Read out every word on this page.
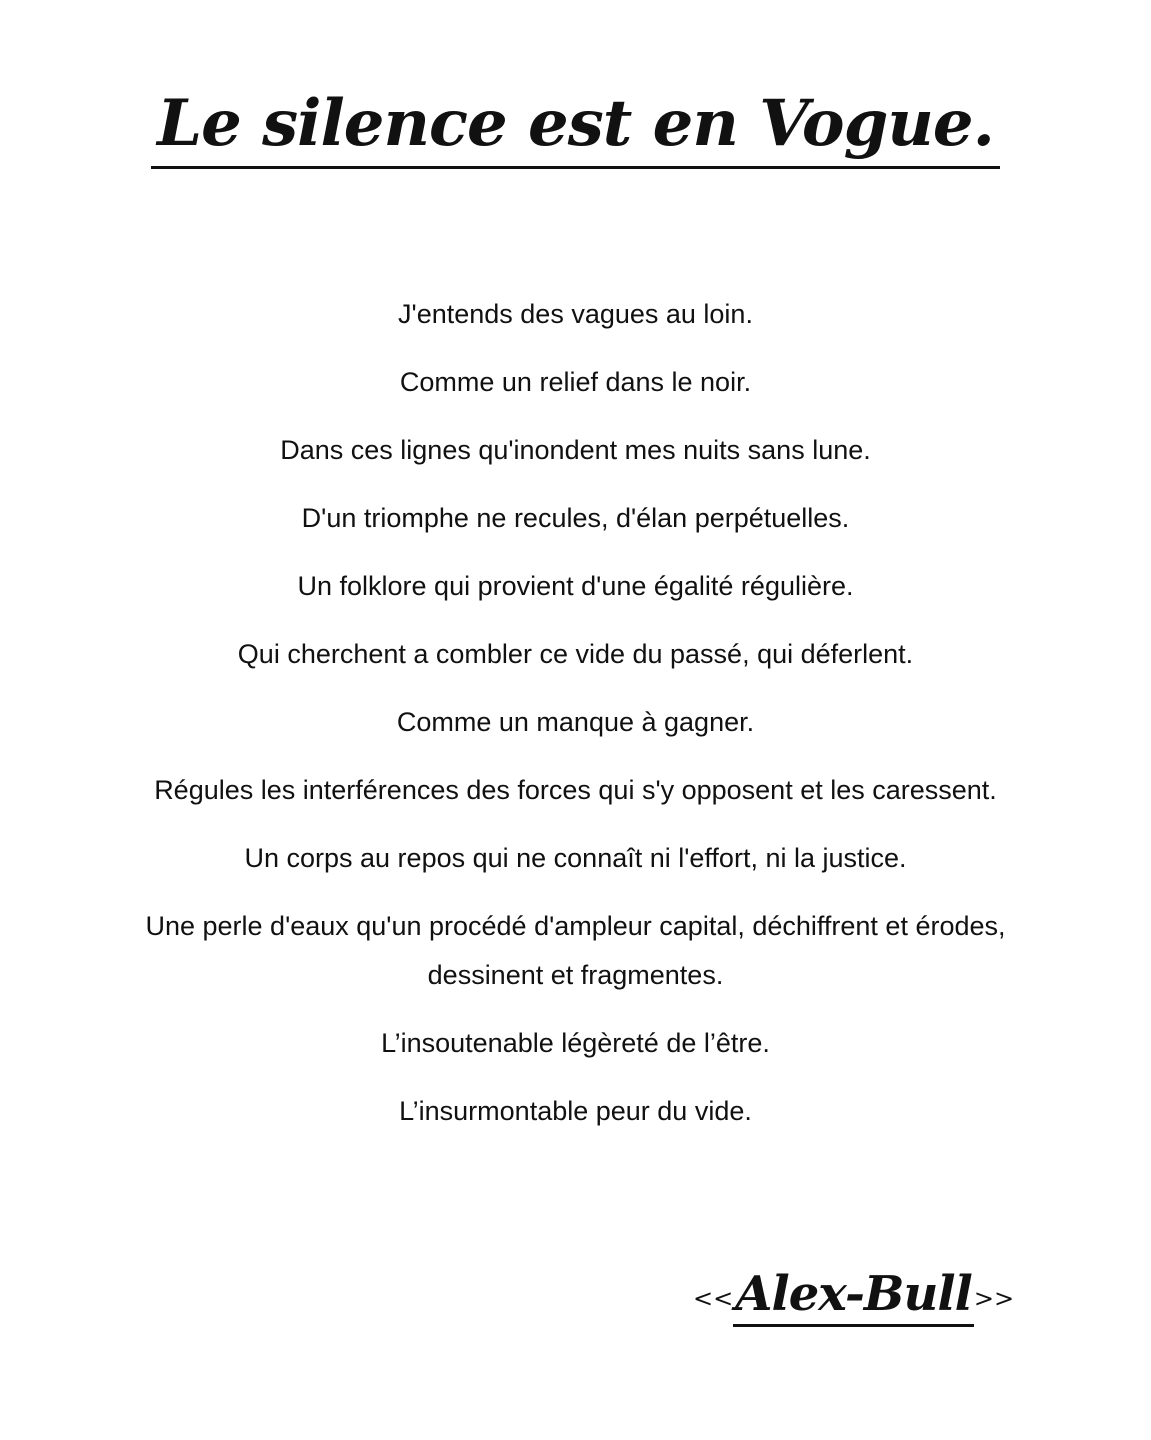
Le silence est en Vogue.

J'entends des vagues au loin.

Comme un relief dans le noir.

Dans ces lignes qu'inondent mes nuits sans lune.

D'un triomphe ne recules, d'élan perpétuelles.

Un folklore qui provient d'une égalité régulière.

Qui cherchent a combler ce vide du passé, qui déferlent.

Comme un manque à gagner.

Régules les interférences des forces qui s'y opposent et les caressent.

Un corps au repos qui ne connaît ni l'effort, ni la justice.

Une perle d'eaux qu'un procédé d'ampleur capital, déchiffrent et érodes, dessinent et fragmentes.

L’insoutenable légèreté de l’être.

L’insurmontable peur du vide.

<<Alex-Bull>>
